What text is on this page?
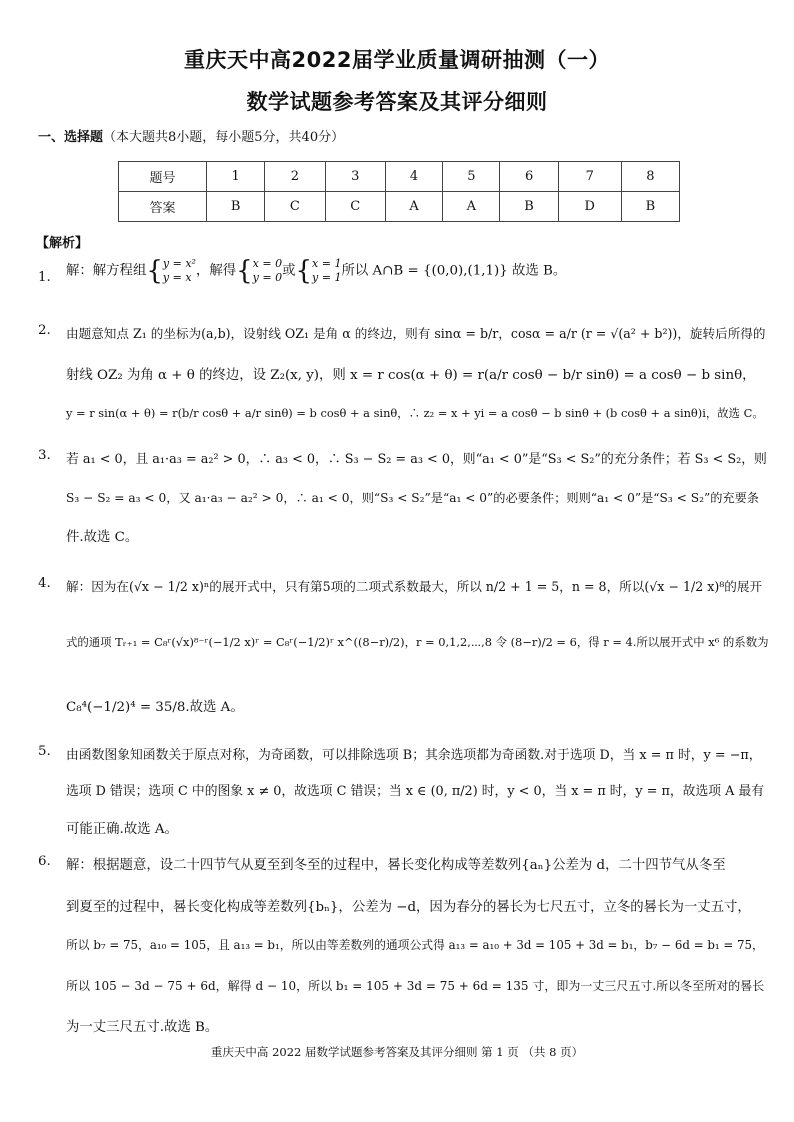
重庆天中高2022届学业质量调研抽测（一）
数学试题参考答案及其评分细则
一、选择题（本大题共8小题，每小题5分，共40分）
题号	1	2	3	4	5	6	7	8
答案	B	C	C	A	A	B	D	B
【解析】
1. 解：解方程组{y = x²
y = x ，解得{x = 0
y = 0或{x = 1
y = 1所以 A∩B = {(0,0),(1,1)} 故选 B。
2. 由题意知点 Z₁ 的坐标为(a,b)，设射线 OZ₁ 是角 α 的终边，则有 sinα = b/r，cosα = a/r (r = √(a² + b²))，旋转后所得的
射线 OZ₂ 为角 α + θ 的终边，设 Z₂(x, y)，则 x = r cos(α + θ) = r(a/r cosθ − b/r sinθ) = a cosθ − b sinθ，
y = r sin(α + θ) = r(b/r cosθ + a/r sinθ) = b cosθ + a sinθ，∴ z₂ = x + yi = a cosθ − b sinθ + (b cosθ + a sinθ)i，故选 C。
3. 若 a₁ < 0，且 a₁·a₃ = a₂² > 0，∴ a₃ < 0，∴ S₃ − S₂ = a₃ < 0，则“a₁ < 0”是“S₃ < S₂”的充分条件；若 S₃ < S₂，则
S₃ − S₂ = a₃ < 0，又 a₁·a₃ − a₂² > 0，∴ a₁ < 0，则“S₃ < S₂”是“a₁ < 0”的必要条件；则则“a₁ < 0”是“S₃ < S₂”的充要条
件.故选 C。
4. 解：因为在(√x − 1/2 x)ⁿ的展开式中，只有第5项的二项式系数最大，所以 n/2 + 1 = 5，n = 8，所以(√x − 1/2 x)⁸的展开
式的通项 Tᵣ₊₁ = C₈ʳ(√x)⁸⁻ʳ(−1/2 x)ʳ = C₈ʳ(−1/2)ʳ x^((8−r)/2)，r = 0,1,2,⋯,8 令 (8−r)/2 = 6，得 r = 4.所以展开式中 x⁶ 的系数为
C₈⁴(−1/2)⁴ = 35/8.故选 A。
5. 由函数图象知函数关于原点对称，为奇函数，可以排除选项 B；其余选项都为奇函数.对于选项 D，当 x = π 时，y = −π，
选项 D 错误；选项 C 中的图象 x ≠ 0，故选项 C 错误；当 x ∈ (0, π/2) 时，y < 0，当 x = π 时，y = π，故选项 A 最有
可能正确.故选 A。
6. 解：根据题意，设二十四节气从夏至到冬至的过程中，晷长变化构成等差数列{aₙ}公差为 d，二十四节气从冬至
到夏至的过程中，晷长变化构成等差数列{bₙ}，公差为 −d，因为春分的晷长为七尺五寸，立冬的晷长为一丈五寸，
所以 b₇ = 75，a₁₀ = 105，且 a₁₃ = b₁，所以由等差数列的通项公式得 a₁₃ = a₁₀ + 3d = 105 + 3d = b₁，b₇ − 6d = b₁ = 75，
所以 105 − 3d − 75 + 6d，解得 d − 10，所以 b₁ = 105 + 3d = 75 + 6d = 135 寸，即为一丈三尺五寸.所以冬至所对的晷长
为一丈三尺五寸.故选 B。
重庆天中高 2022 届数学试题参考答案及其评分细则 第 1 页 （共 8 页）
